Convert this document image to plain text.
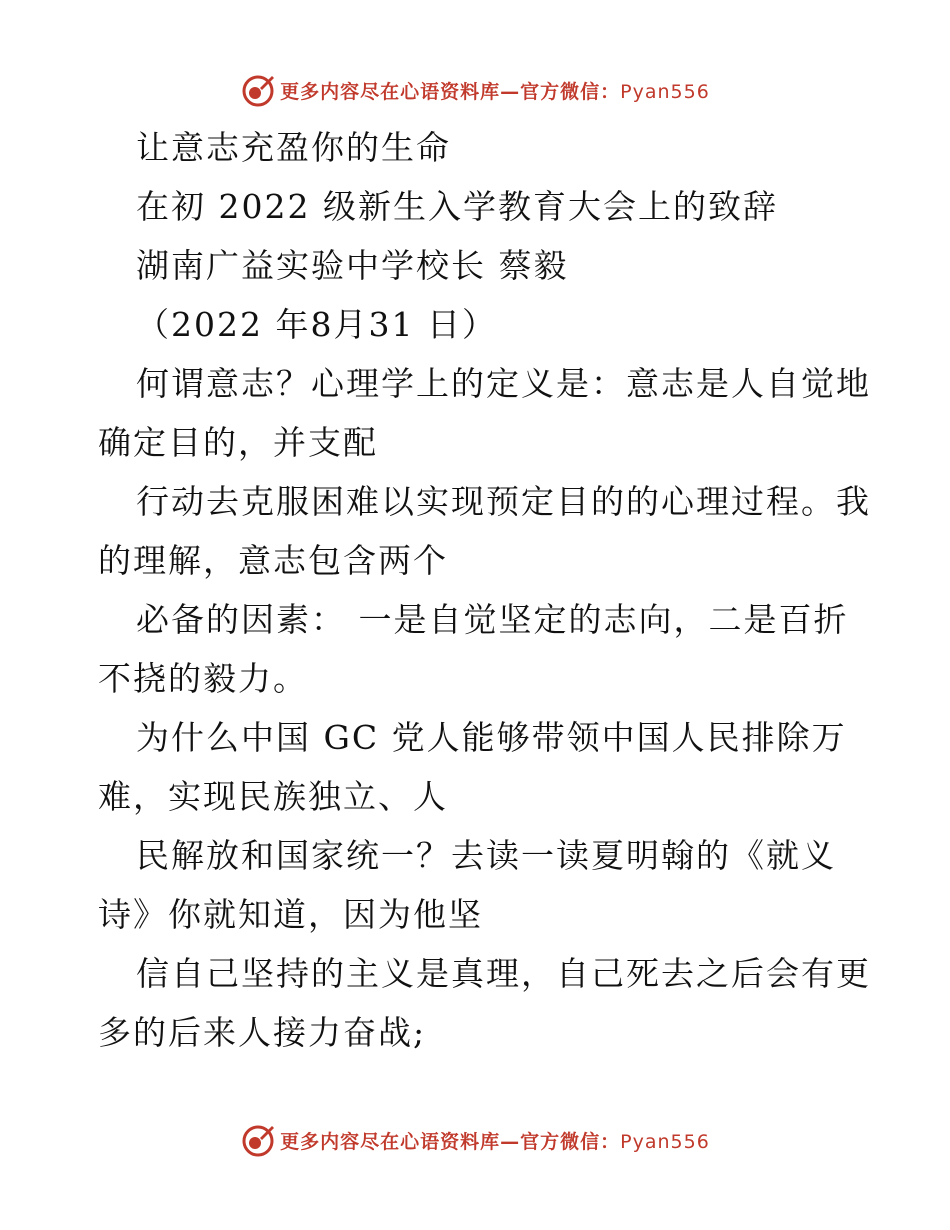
更多内容尽在心语资料库—官方微信：Pyan556
让意志充盈你的生命
在初 2022 级新生入学教育大会上的致辞
湖南广益实验中学校长 蔡毅
（2022 年8月31 日）
何谓意志？心理学上的定义是：意志是人自觉地
确定目的，并支配
行动去克服困难以实现预定目的的心理过程。我
的理解，意志包含两个
必备的因素： 一是自觉坚定的志向，二是百折
不挠的毅力。
为什么中国 GC 党人能够带领中国人民排除万
难，实现民族独立、人
民解放和国家统一？去读一读夏明翰的《就义
诗》你就知道，因为他坚
信自己坚持的主义是真理，自己死去之后会有更
多的后来人接力奋战;
更多内容尽在心语资料库—官方微信：Pyan556
